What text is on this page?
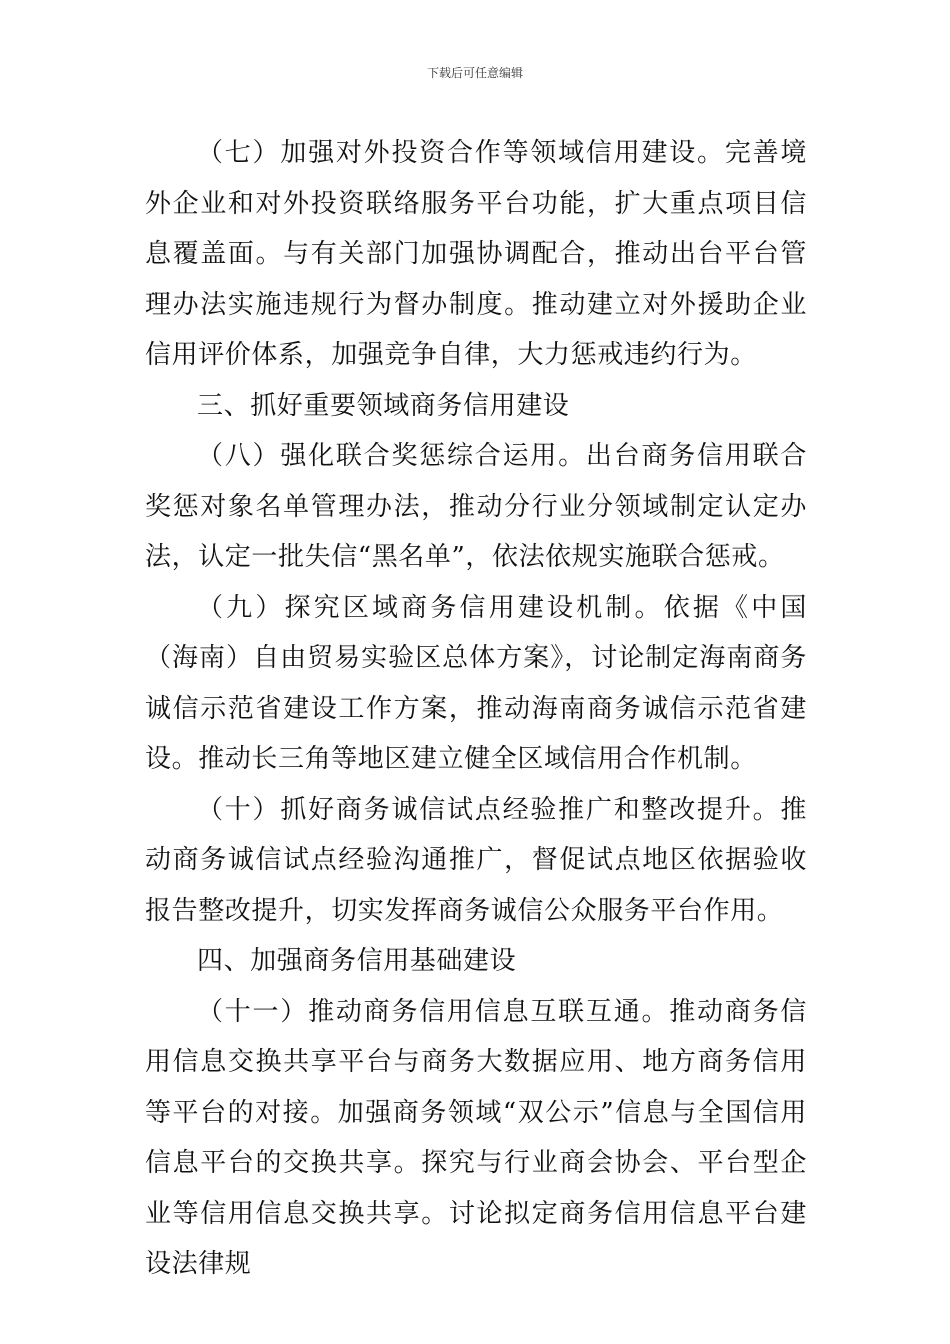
下载后可任意编辑

（七）加强对外投资合作等领域信用建设。完善境外企业和对外投资联络服务平台功能，扩大重点项目信息覆盖面。与有关部门加强协调配合，推动出台平台管理办法实施违规行为督办制度。推动建立对外援助企业信用评价体系，加强竞争自律，大力惩戒违约行为。

三、抓好重要领域商务信用建设

（八）强化联合奖惩综合运用。出台商务信用联合奖惩对象名单管理办法，推动分行业分领域制定认定办法，认定一批失信“黑名单”，依法依规实施联合惩戒。

（九）探究区域商务信用建设机制。依据《中国（海南）自由贸易实验区总体方案》，讨论制定海南商务诚信示范省建设工作方案，推动海南商务诚信示范省建设。推动长三角等地区建立健全区域信用合作机制。

（十）抓好商务诚信试点经验推广和整改提升。推动商务诚信试点经验沟通推广，督促试点地区依据验收报告整改提升，切实发挥商务诚信公众服务平台作用。

四、加强商务信用基础建设

（十一）推动商务信用信息互联互通。推动商务信用信息交换共享平台与商务大数据应用、地方商务信用等平台的对接。加强商务领域“双公示”信息与全国信用信息平台的交换共享。探究与行业商会协会、平台型企业等信用信息交换共享。讨论拟定商务信用信息平台建设法律规
